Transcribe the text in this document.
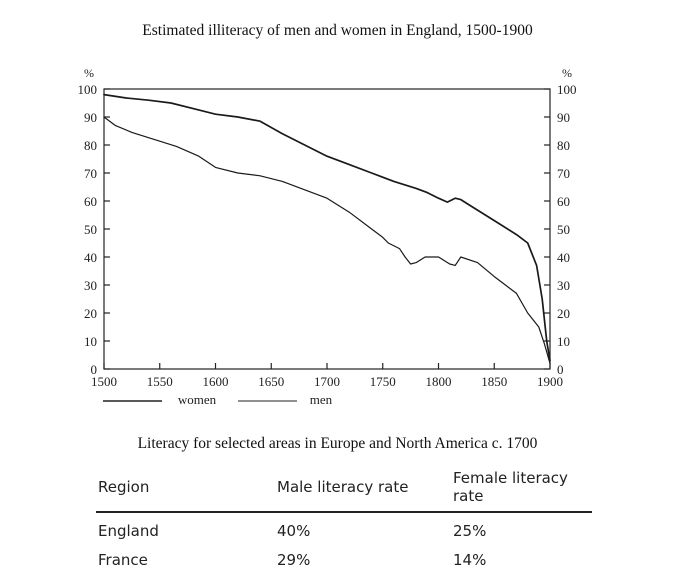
Estimated illiteracy of men and women in England, 1500-1900
0	0
10	10
20	20
30	30
40	40
50	50
60	60
70	70
80	80
90	90
100	100
%	%
1500 1550 1600 1650 1700 1750 1800 1850 1900
women	men
Literacy for selected areas in Europe and North America c. 1700
Region	Male literacy rate	Female literacy rate
England	40%	25%
France	29%	14%
